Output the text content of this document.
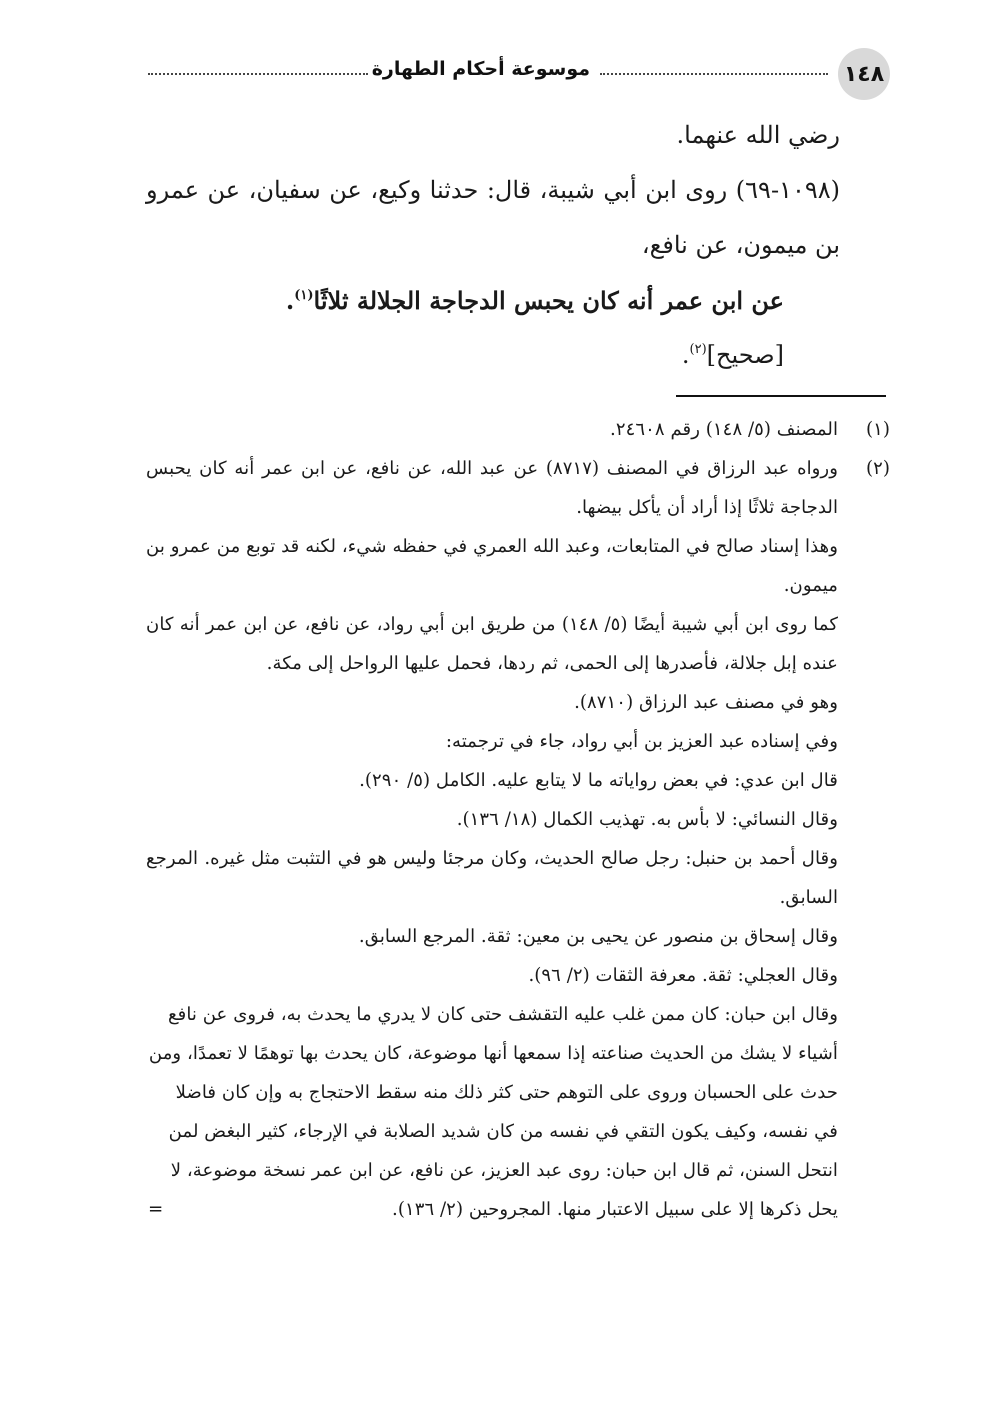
١٤٨
موسوعة أحكام الطهارة

رضي الله عنهما.

(١٠٩٨-٦٩) روى ابن أبي شيبة، قال: حدثنا وكيع، عن سفيان، عن عمرو بن ميمون، عن نافع،

عن ابن عمر أنه كان يحبس الدجاجة الجلالة ثلاثًا$^{(١)}$.

[صحيح]$^{(٢)}$.

(١)

المصنف (٥/ ١٤٨) رقم ٢٤٦٠٨.

(٢)

ورواه عبد الرزاق في المصنف (٨٧١٧) عن عبد الله، عن نافع، عن ابن عمر أنه كان يحبس الدجاجة ثلاثًا إذا أراد أن يأكل بيضها.

وهذا إسناد صالح في المتابعات، وعبد الله العمري في حفظه شيء، لكنه قد توبع من عمرو بن ميمون.

كما روى ابن أبي شيبة أيضًا (٥/ ١٤٨) من طريق ابن أبي رواد، عن نافع، عن ابن عمر أنه كان عنده إبل جلالة، فأصدرها إلى الحمى، ثم ردها، فحمل عليها الرواحل إلى مكة.

وهو في مصنف عبد الرزاق (٨٧١٠).

وفي إسناده عبد العزيز بن أبي رواد، جاء في ترجمته:

قال ابن عدي: في بعض رواياته ما لا يتابع عليه. الكامل (٥/ ٢٩٠).

وقال النسائي: لا بأس به. تهذيب الكمال (١٨/ ١٣٦).

وقال أحمد بن حنبل: رجل صالح الحديث، وكان مرجئا وليس هو في التثبت مثل غيره. المرجع السابق.

وقال إسحاق بن منصور عن يحيى بن معين: ثقة. المرجع السابق.

وقال العجلي: ثقة. معرفة الثقات (٢/ ٩٦).

وقال ابن حبان: كان ممن غلب عليه التقشف حتى كان لا يدري ما يحدث به، فروى عن نافع أشياء لا يشك من الحديث صناعته إذا سمعها أنها موضوعة، كان يحدث بها توهمًا لا تعمدًا، ومن حدث على الحسبان وروى على التوهم حتى كثر ذلك منه سقط الاحتجاج به وإن كان فاضلا في نفسه، وكيف يكون التقي في نفسه من كان شديد الصلابة في الإرجاء، كثير البغض لمن انتحل السنن، ثم قال ابن حبان: روى عبد العزيز، عن نافع، عن ابن عمر نسخة موضوعة، لا يحل ذكرها إلا على سبيل الاعتبار منها. المجروحين (٢/ ١٣٦).

=
